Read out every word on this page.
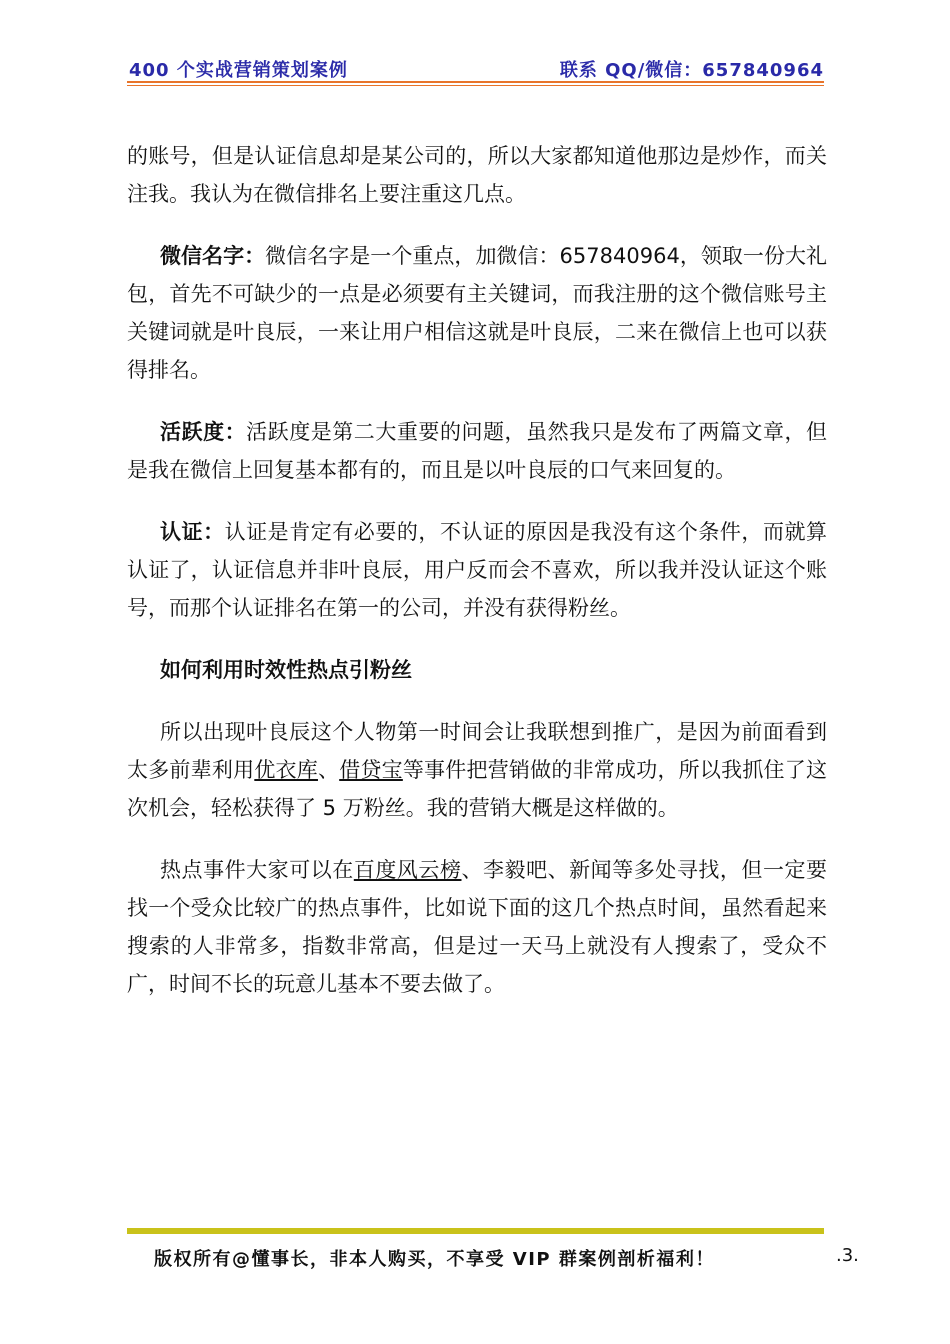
400 个实战营销策划案例	联系 QQ/微信：657840964

的账号，但是认证信息却是某公司的，所以大家都知道他那边是炒作，而关注我。我认为在微信排名上要注重这几点。

微信名字：微信名字是一个重点，加微信：657840964，领取一份大礼包，首先不可缺少的一点是必须要有主关键词，而我注册的这个微信账号主关键词就是叶良辰，一来让用户相信这就是叶良辰，二来在微信上也可以获得排名。

活跃度：活跃度是第二大重要的问题，虽然我只是发布了两篇文章，但是我在微信上回复基本都有的，而且是以叶良辰的口气来回复的。

认证：认证是肯定有必要的，不认证的原因是我没有这个条件，而就算认证了，认证信息并非叶良辰，用户反而会不喜欢，所以我并没认证这个账号，而那个认证排名在第一的公司，并没有获得粉丝。

如何利用时效性热点引粉丝

所以出现叶良辰这个人物第一时间会让我联想到推广，是因为前面看到太多前辈利用优衣库、借贷宝等事件把营销做的非常成功，所以我抓住了这次机会，轻松获得了 5 万粉丝。我的营销大概是这样做的。

热点事件大家可以在百度风云榜、李毅吧、新闻等多处寻找，但一定要找一个受众比较广的热点事件，比如说下面的这几个热点时间，虽然看起来搜索的人非常多，指数非常高，但是过一天马上就没有人搜索了，受众不广，时间不长的玩意儿基本不要去做了。

版权所有@懂事长，非本人购买，不享受 VIP 群案例剖析福利！	.3.
